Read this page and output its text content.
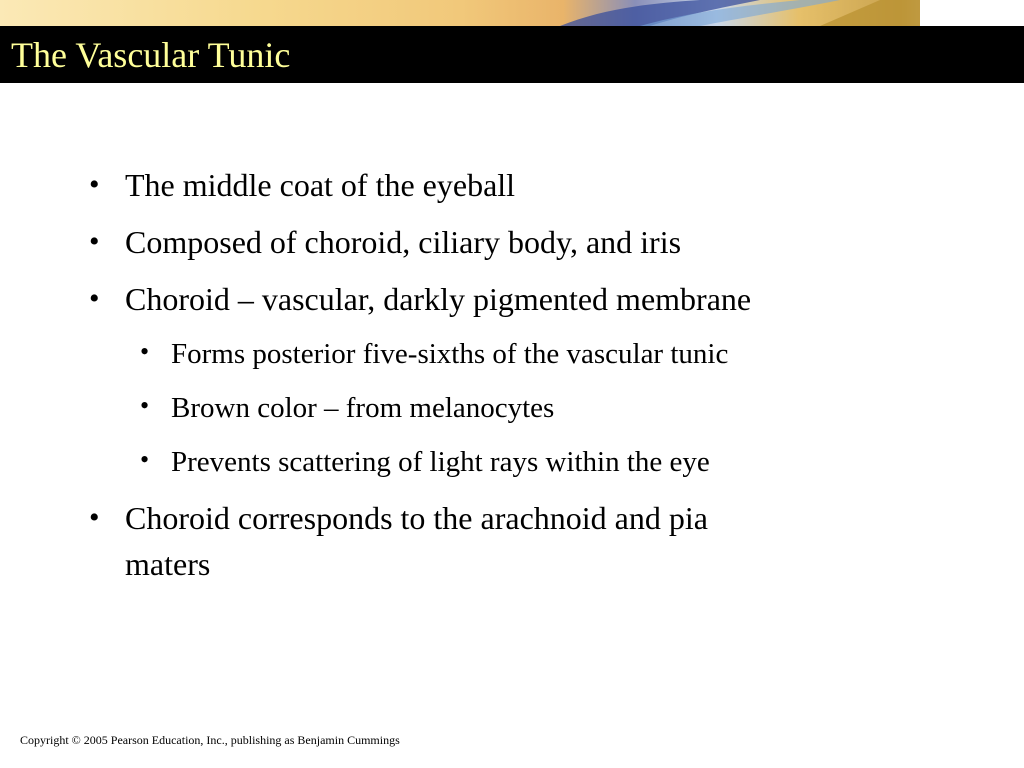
The Vascular Tunic
• The middle coat of the eyeball
• Composed of choroid, ciliary body, and iris
• Choroid – vascular, darkly pigmented membrane
• Forms posterior five-sixths of the vascular tunic
• Brown color – from melanocytes
• Prevents scattering of light rays within the eye
• Choroid corresponds to the arachnoid and pia
maters

Copyright © 2005 Pearson Education, Inc., publishing as Benjamin Cummings
